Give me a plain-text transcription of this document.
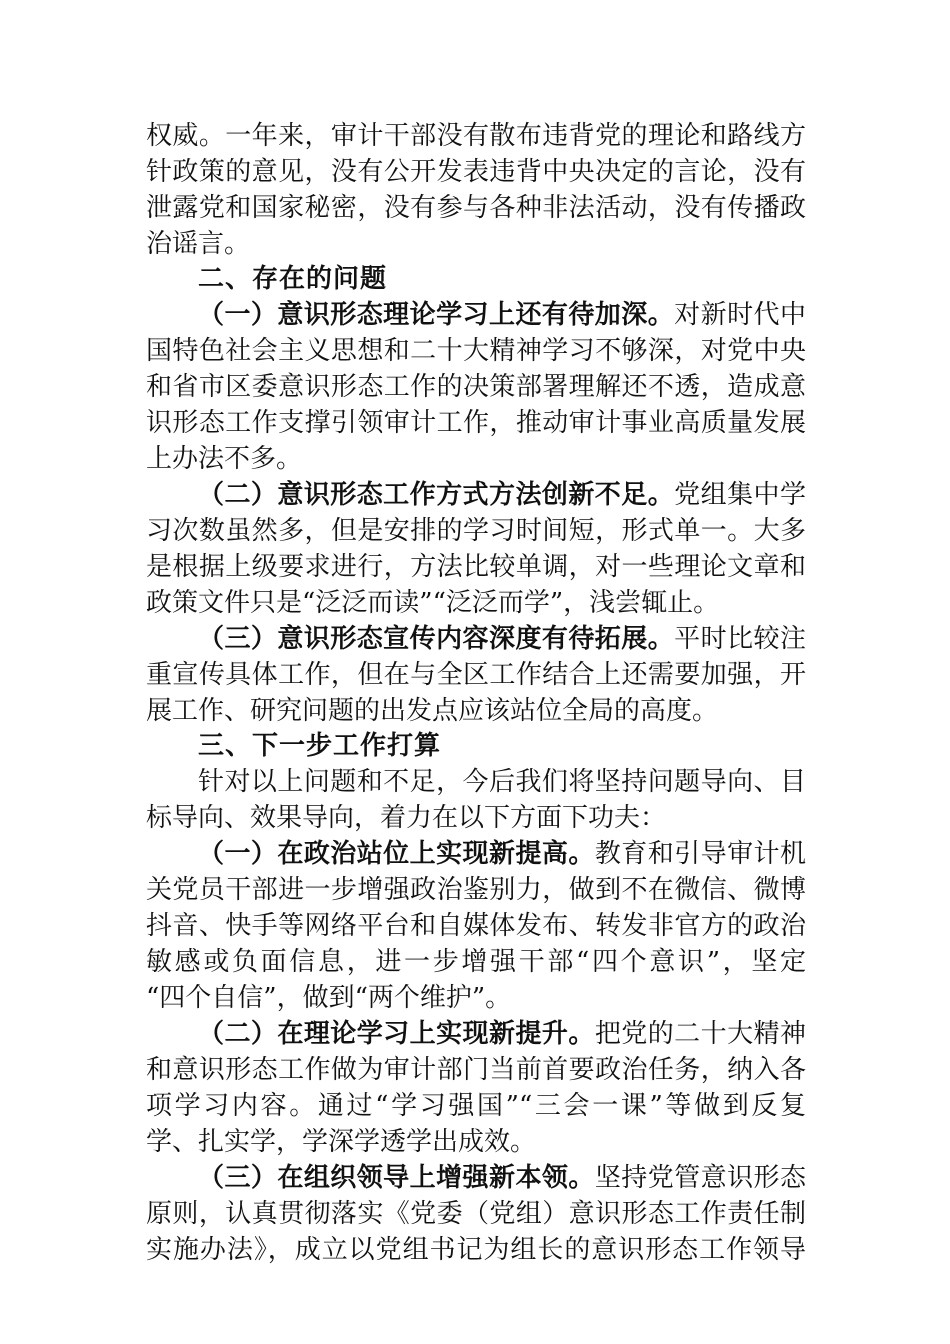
权威。一年来，审计干部没有散布违背党的理论和路线方
针政策的意见，没有公开发表违背中央决定的言论，没有
泄露党和国家秘密，没有参与各种非法活动，没有传播政
治谣言。
二、存在的问题
（一）意识形态理论学习上还有待加深。对新时代中
国特色社会主义思想和二十大精神学习不够深，对党中央
和省市区委意识形态工作的决策部署理解还不透，造成意
识形态工作支撑引领审计工作，推动审计事业高质量发展
上办法不多。
（二）意识形态工作方式方法创新不足。党组集中学
习次数虽然多，但是安排的学习时间短，形式单一。大多
是根据上级要求进行，方法比较单调，对一些理论文章和
政策文件只是“泛泛而读”“泛泛而学”，浅尝辄止。
（三）意识形态宣传内容深度有待拓展。平时比较注
重宣传具体工作，但在与全区工作结合上还需要加强，开
展工作、研究问题的出发点应该站位全局的高度。
三、下一步工作打算
针对以上问题和不足，今后我们将坚持问题导向、目
标导向、效果导向，着力在以下方面下功夫：
（一）在政治站位上实现新提高。教育和引导审计机
关党员干部进一步增强政治鉴别力，做到不在微信、微博
抖音、快手等网络平台和自媒体发布、转发非官方的政治
敏感或负面信息，进一步增强干部“四个意识”，坚定
“四个自信”，做到“两个维护”。
（二）在理论学习上实现新提升。把党的二十大精神
和意识形态工作做为审计部门当前首要政治任务，纳入各
项学习内容。通过“学习强国”“三会一课”等做到反复
学、扎实学，学深学透学出成效。
（三）在组织领导上增强新本领。坚持党管意识形态
原则，认真贯彻落实《党委（党组）意识形态工作责任制
实施办法》，成立以党组书记为组长的意识形态工作领导
